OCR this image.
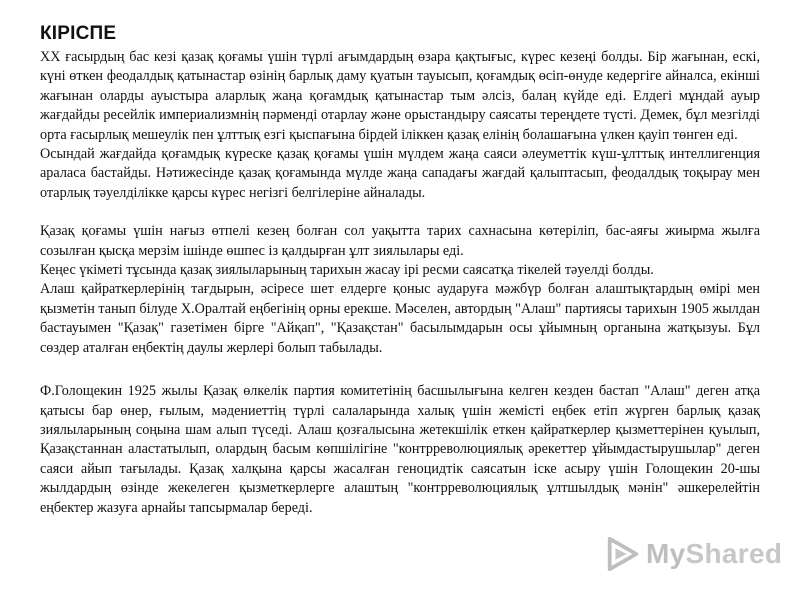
КІРІСПЕ

XX ғасырдың бас кезі қазақ қоғамы үшін түрлі ағымдардың өзара қақтығыс, күрес кезеңі болды. Бір жағынан, ескі, күні өткен феодалдық қатынастар өзінің барлық даму қуатын тауысып, қоғамдық өсіп-өнуде кедергіге айналса, екінші жағынан оларды ауыстыра аларлық жаңа қоғамдық қатынастар тым әлсіз, балаң күйде еді. Елдегі мұндай ауыр жағдайды ресейлік империализмнің пәрменді отарлау және орыстандыру саясаты тереңдете түсті. Демек, бұл мезгілді орта ғасырлық мешеулік пен ұлттық езгі қыспағына бірдей іліккен қазақ елінің болашағына үлкен қауіп төнген еді.

Осындай жағдайда қоғамдық күреске қазақ қоғамы үшін мүлдем жаңа саяси әлеуметтік күш-ұлттық интеллигенция араласа бастайды. Нәтижесінде қазақ қоғамында мүлде жаңа сападағы жағдай қалыптасып, феодалдық тоқырау мен отарлық тәуелділікке қарсы күрес негізгі белгілеріне айналады.

Қазақ қоғамы үшін нағыз өтпелі кезең болған сол уақытта тарих сахнасына көтеріліп, бас-аяғы жиырма жылға созылған қысқа мерзім ішінде өшпес із қалдырған ұлт зиялылары еді.

Кеңес үкіметі тұсында қазақ зиялыларының тарихын жасау ірі ресми саясатқа тікелей тәуелді болды.

Алаш қайраткерлерінің тағдырын, әсіресе шет елдерге қоныс аударуға мәжбүр болған алаштықтардың өмірі мен қызметін танып білуде Х.Оралтай еңбегінің орны ерекше. Мәселен, автордың "Алаш" партиясы тарихын 1905 жылдан бастауымен "Қазақ" газетімен бірге "Айқап", "Қазақстан" басылымдарын осы ұйымның органына жатқызуы. Бұл сөздер аталған еңбектің даулы жерлері болып табылады.

Ф.Голощекин 1925 жылы Қазақ өлкелік партия комитетінің басшылығына келген кезден бастап "Алаш" деген атқа қатысы бар өнер, ғылым, мәдениеттің түрлі салаларында халық үшін жемісті еңбек етіп жүрген барлық қазақ зиялыларының соңына шам алып түседі. Алаш қозғалысына жетекшілік еткен қайраткерлер қызметтерінен қуылып, Қазақстаннан аластатылып, олардың басым көпшілігіне "контрреволюциялық әрекеттер ұйымдастырушылар" деген саяси айып тағылады. Қазақ халқына қарсы жасалған геноцидтік саясатын іске асыру үшін Голощекин 20-шы жылдардың өзінде жекелеген қызметкерлерге алаштың "контрреволюциялық ұлтшылдық мәнін" әшкерелейтін еңбектер жазуға арнайы тапсырмалар береді.

MyShared
